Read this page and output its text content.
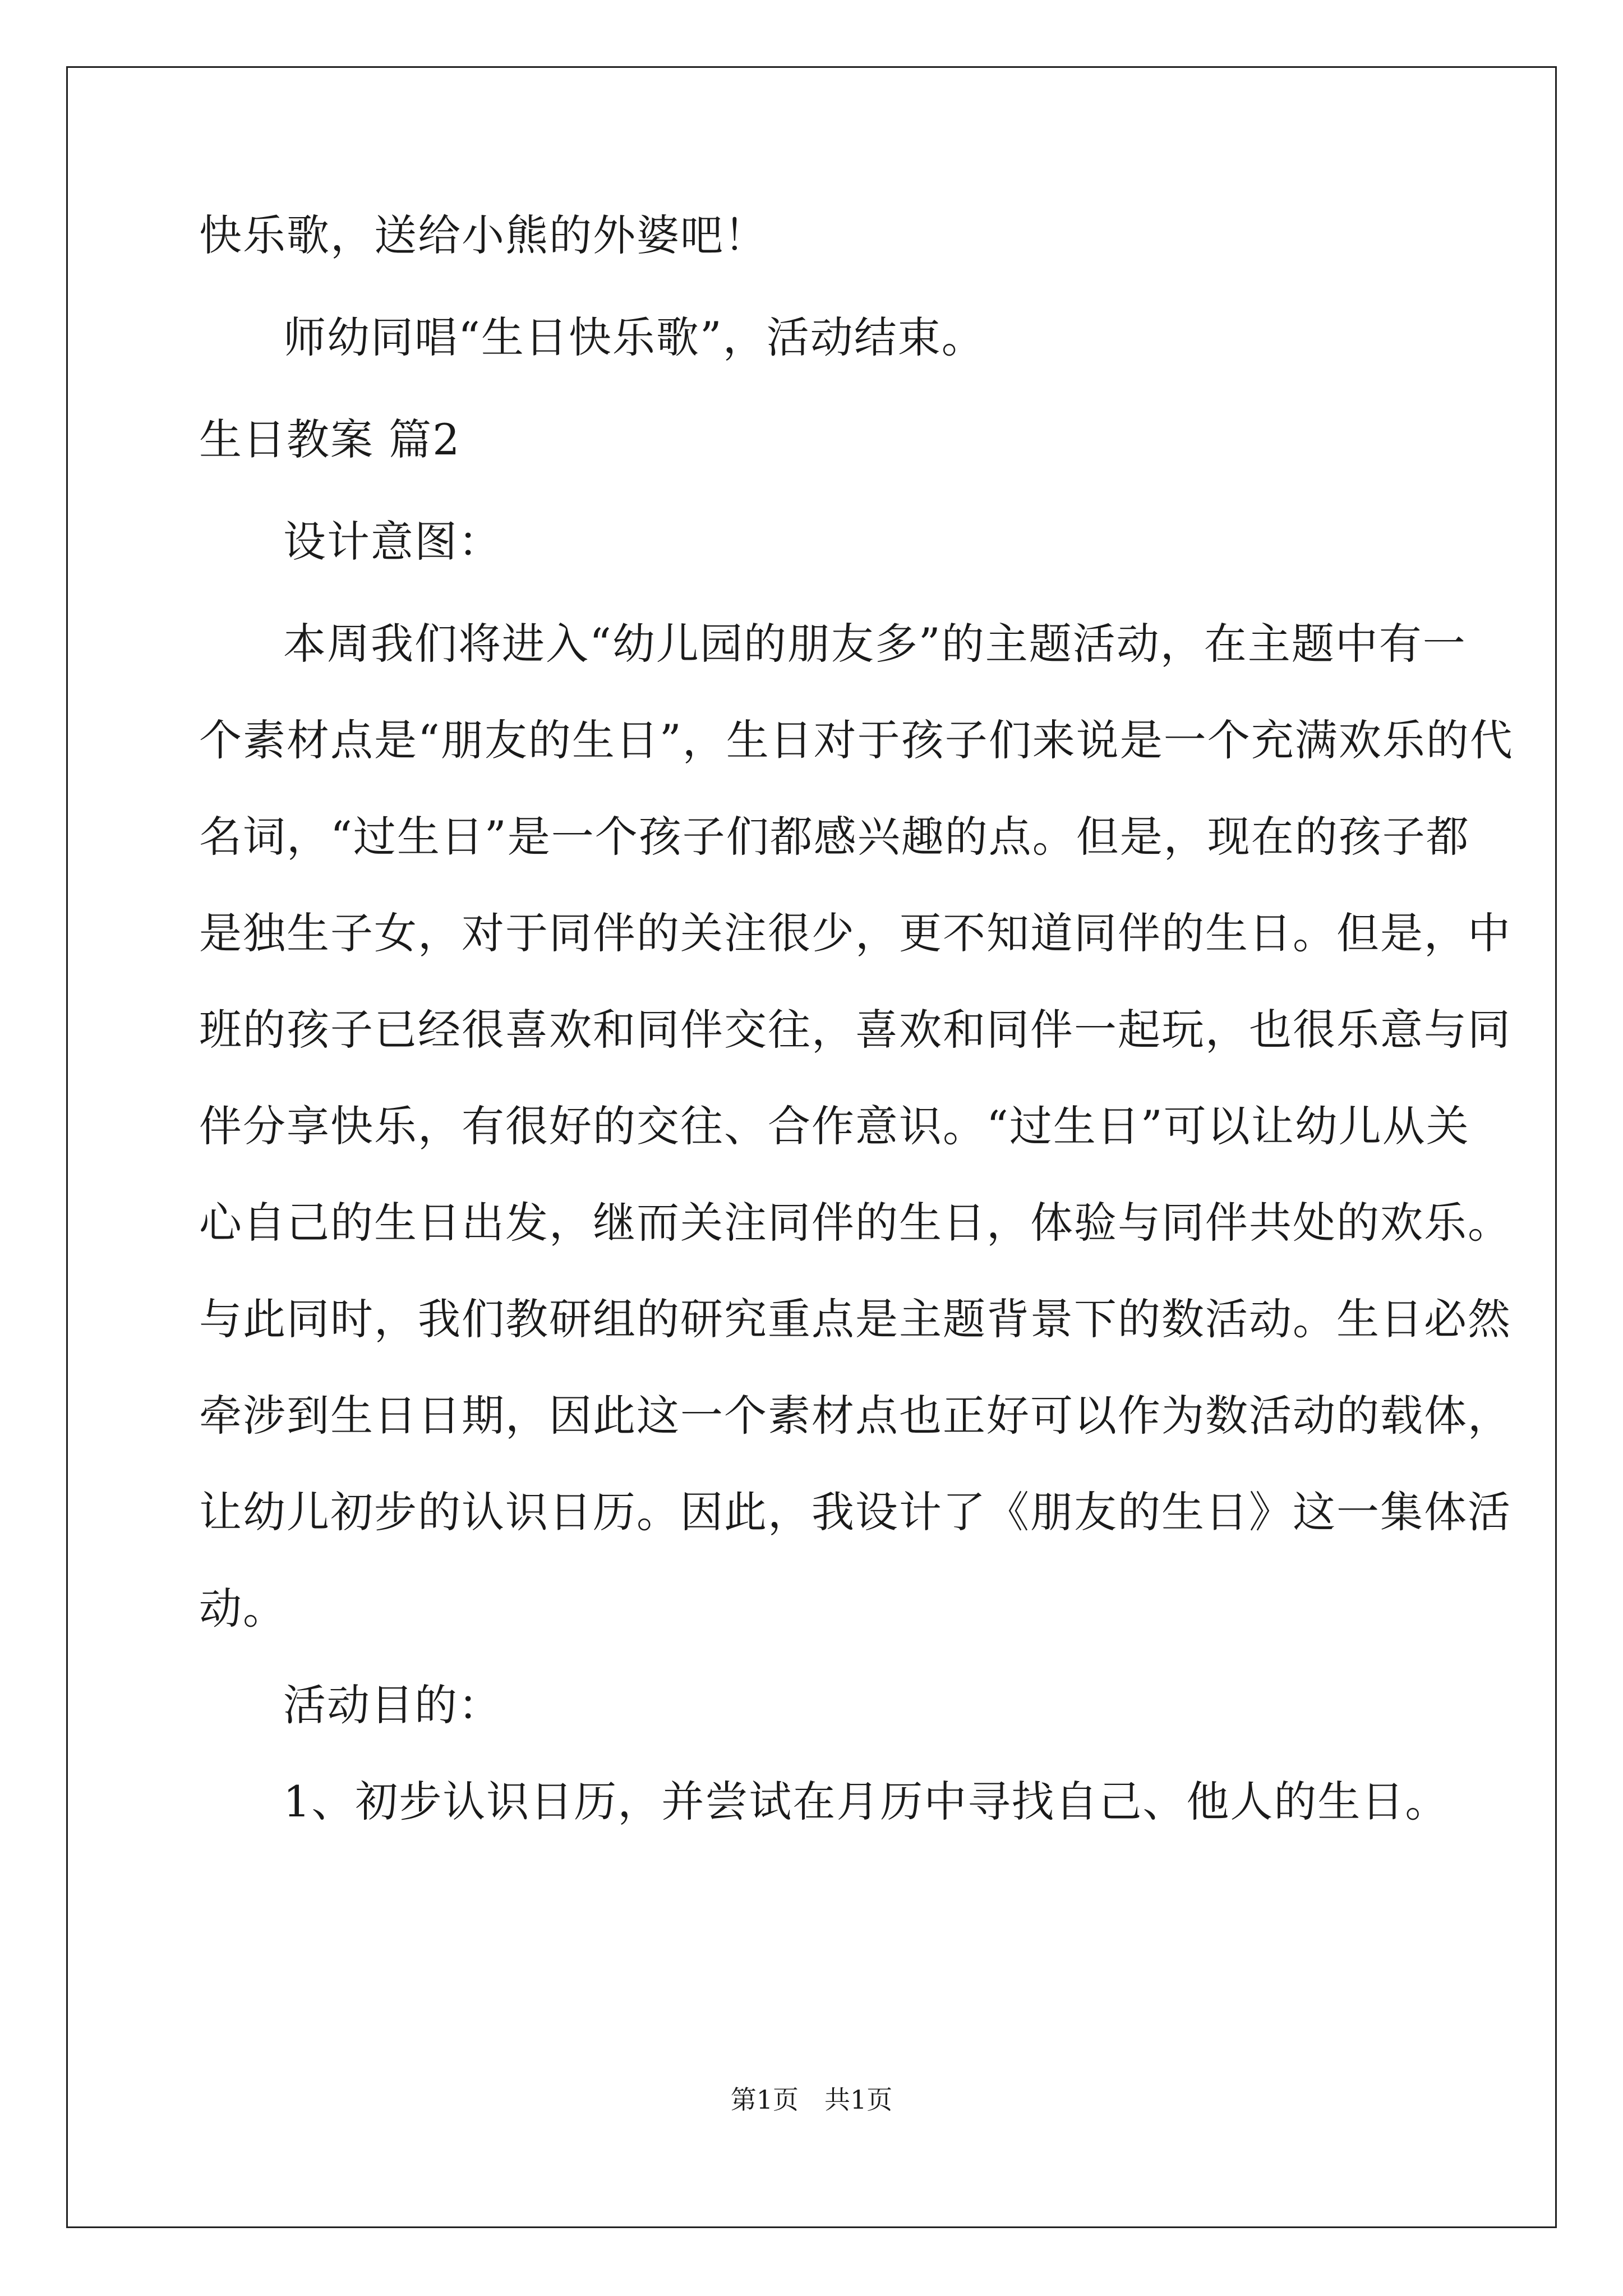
快乐歌，送给小熊的外婆吧！
师幼同唱“生日快乐歌”，活动结束。
生日教案 篇2
设计意图：
本周我们将进入“幼儿园的朋友多”的主题活动，在主题中有一
个素材点是“朋友的生日”，生日对于孩子们来说是一个充满欢乐的代
名词，“过生日”是一个孩子们都感兴趣的点。但是，现在的孩子都
是独生子女，对于同伴的关注很少，更不知道同伴的生日。但是，中
班的孩子已经很喜欢和同伴交往，喜欢和同伴一起玩，也很乐意与同
伴分享快乐，有很好的交往、合作意识。“过生日”可以让幼儿从关
心自己的生日出发，继而关注同伴的生日，体验与同伴共处的欢乐。
与此同时，我们教研组的研究重点是主题背景下的数活动。生日必然
牵涉到生日日期，因此这一个素材点也正好可以作为数活动的载体，
让幼儿初步的认识日历。因此，我设计了《朋友的生日》这一集体活
动。
活动目的：
1、初步认识日历，并尝试在月历中寻找自己、他人的生日。
第1页　共1页
